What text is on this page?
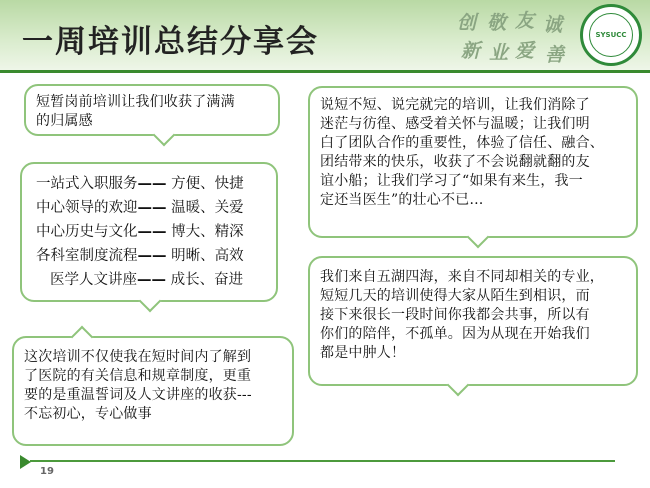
一周培训总结分享会
创
新
敬
业
友
爱
诚
善
SYSUCC
短暂岗前培训让我们收获了满满
的归属感
一站式入职服务—— 方便、快捷
中心领导的欢迎—— 温暖、关爱
中心历史与文化—— 博大、精深
各科室制度流程—— 明晰、高效
医学人文讲座—— 成长、奋进
这次培训不仅使我在短时间内了解到
了医院的有关信息和规章制度，更重
要的是重温誓词及人文讲座的收获---
不忘初心，专心做事
说短不短、说完就完的培训，让我们消除了
迷茫与彷徨、感受着关怀与温暖；让我们明
白了团队合作的重要性，体验了信任、融合、
团结带来的快乐，收获了不会说翻就翻的友
谊小船；让我们学习了“如果有来生，我一
定还当医生”的壮心不已…
我们来自五湖四海，来自不同却相关的专业，
短短几天的培训使得大家从陌生到相识，而
接下来很长一段时间你我都会共事，所以有
你们的陪伴，不孤单。因为从现在开始我们
都是中肿人！
19
